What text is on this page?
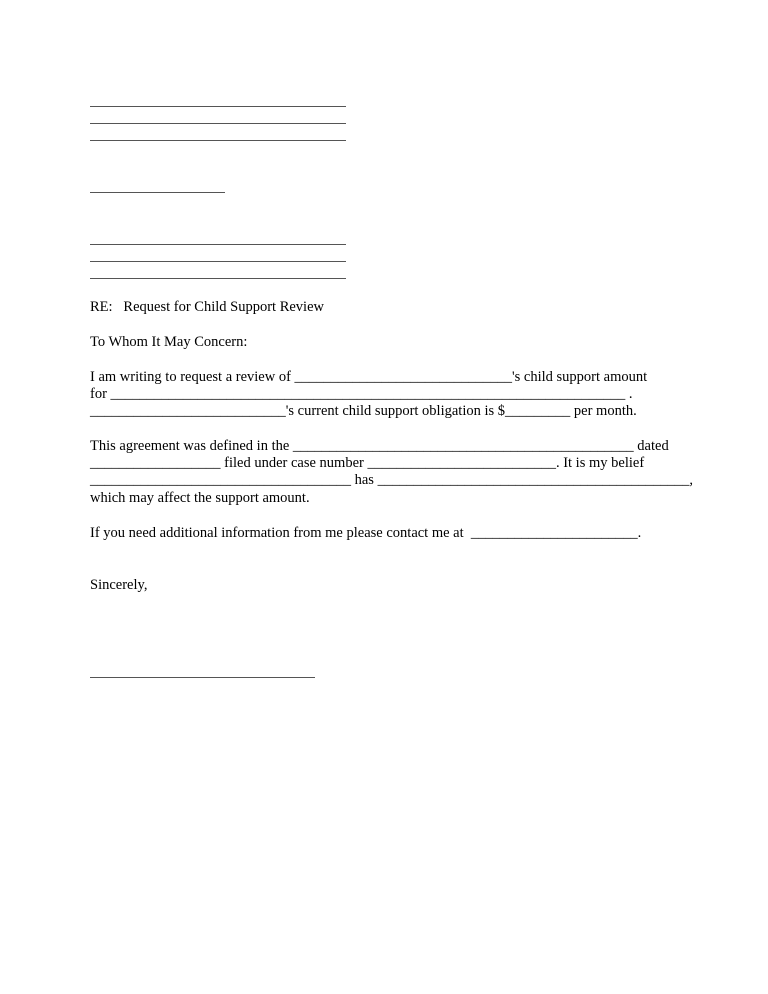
RE:   Request for Child Support Review
To Whom It May Concern:
I am writing to request a review of ______________________________'s child support amount
for _______________________________________________________________________ .
___________________________'s current child support obligation is $_________ per month.
This agreement was defined in the _______________________________________________ dated
__________________ filed under case number __________________________. It is my belief
____________________________________ has ___________________________________________,
which may affect the support amount.
If you need additional information from me please contact me at  _______________________.
Sincerely,
